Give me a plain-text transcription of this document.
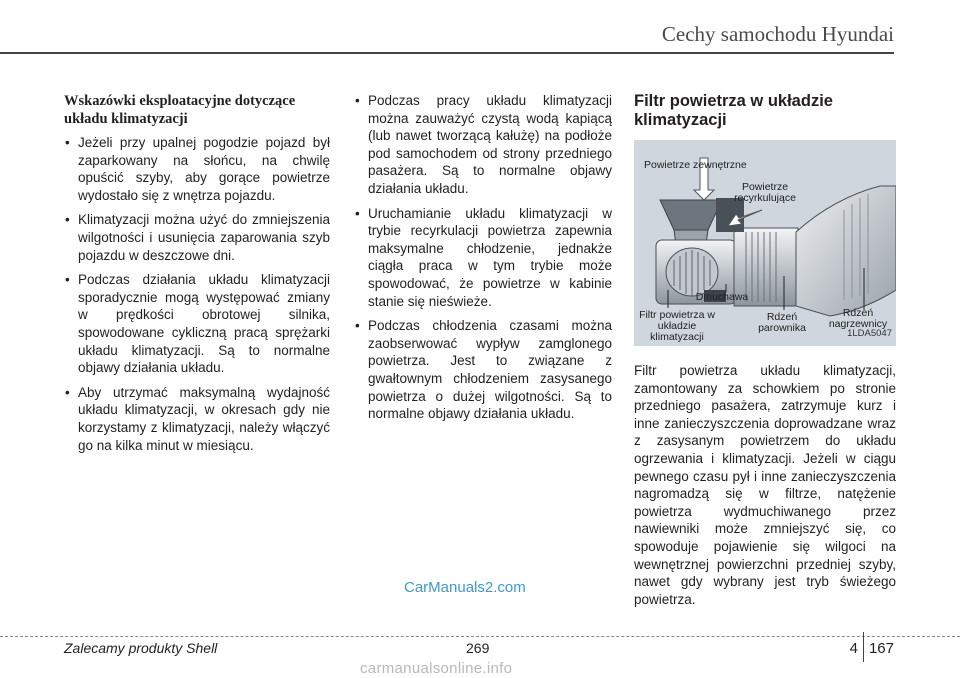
Cechy samochodu Hyundai
Wskazówki eksploatacyjne dotyczące układu klimatyzacji
• Jeżeli przy upalnej pogodzie pojazd był zaparkowany na słońcu, na chwilę opuścić szyby, aby gorące powietrze wydostało się z wnętrza pojazdu.
• Klimatyzacji można użyć do zmniejszenia wilgotności i usunięcia zaparowania szyb pojazdu w deszczowe dni.
• Podczas działania układu klimatyzacji sporadycznie mogą występować zmiany w prędkości obrotowej silnika, spowodowane cykliczną pracą sprężarki układu klimatyzacji. Są to normalne objawy działania układu.
• Aby utrzymać maksymalną wydajność układu klimatyzacji, w okresach gdy nie korzystamy z klimatyzacji, należy włączyć go na kilka minut w miesiącu.
• Podczas pracy układu klimatyzacji można zauważyć czystą wodą kapiącą (lub nawet tworzącą kałużę) na podłoże pod samochodem od strony przedniego pasażera. Są to normalne objawy działania układu.
• Uruchamianie układu klimatyzacji w trybie recyrkulacji powietrza zapewnia maksymalne chłodzenie, jednakże ciągła praca w tym trybie może spowodować, że powietrze w kabinie stanie się nieświeże.
• Podczas chłodzenia czasami można zaobserwować wypływ zamglonego powietrza. Jest to związane z gwałtownym chłodzeniem zasysanego powietrza o dużej wilgotności. Są to normalne objawy działania układu.
Filtr powietrza w układzie klimatyzacji
Powietrze zewnętrzne
Powietrze recyrkulujące
Dmuchawa
Filtr powietrza w układzie klimatyzacji
Rdzeń parownika
Rdzeń nagrzewnicy
1LDA5047

Filtr powietrza układu klimatyzacji, zamontowany za schowkiem po stronie przedniego pasażera, zatrzymuje kurz i inne zanieczyszczenia doprowadzane wraz z zasysanym powietrzem do układu ogrzewania i klimatyzacji. Jeżeli w ciągu pewnego czasu pył i inne zanieczyszczenia nagromadzą się w filtrze, natężenie powietrza wydmuchiwanego przez nawiewniki może zmniejszyć się, co spowoduje pojawienie się wilgoci na wewnętrznej powierzchni przedniej szyby, nawet gdy wybrany jest tryb świeżego powietrza.

CarManuals2.com
Zalecamy produkty Shell	269	4 167
carmanualsonline.info
